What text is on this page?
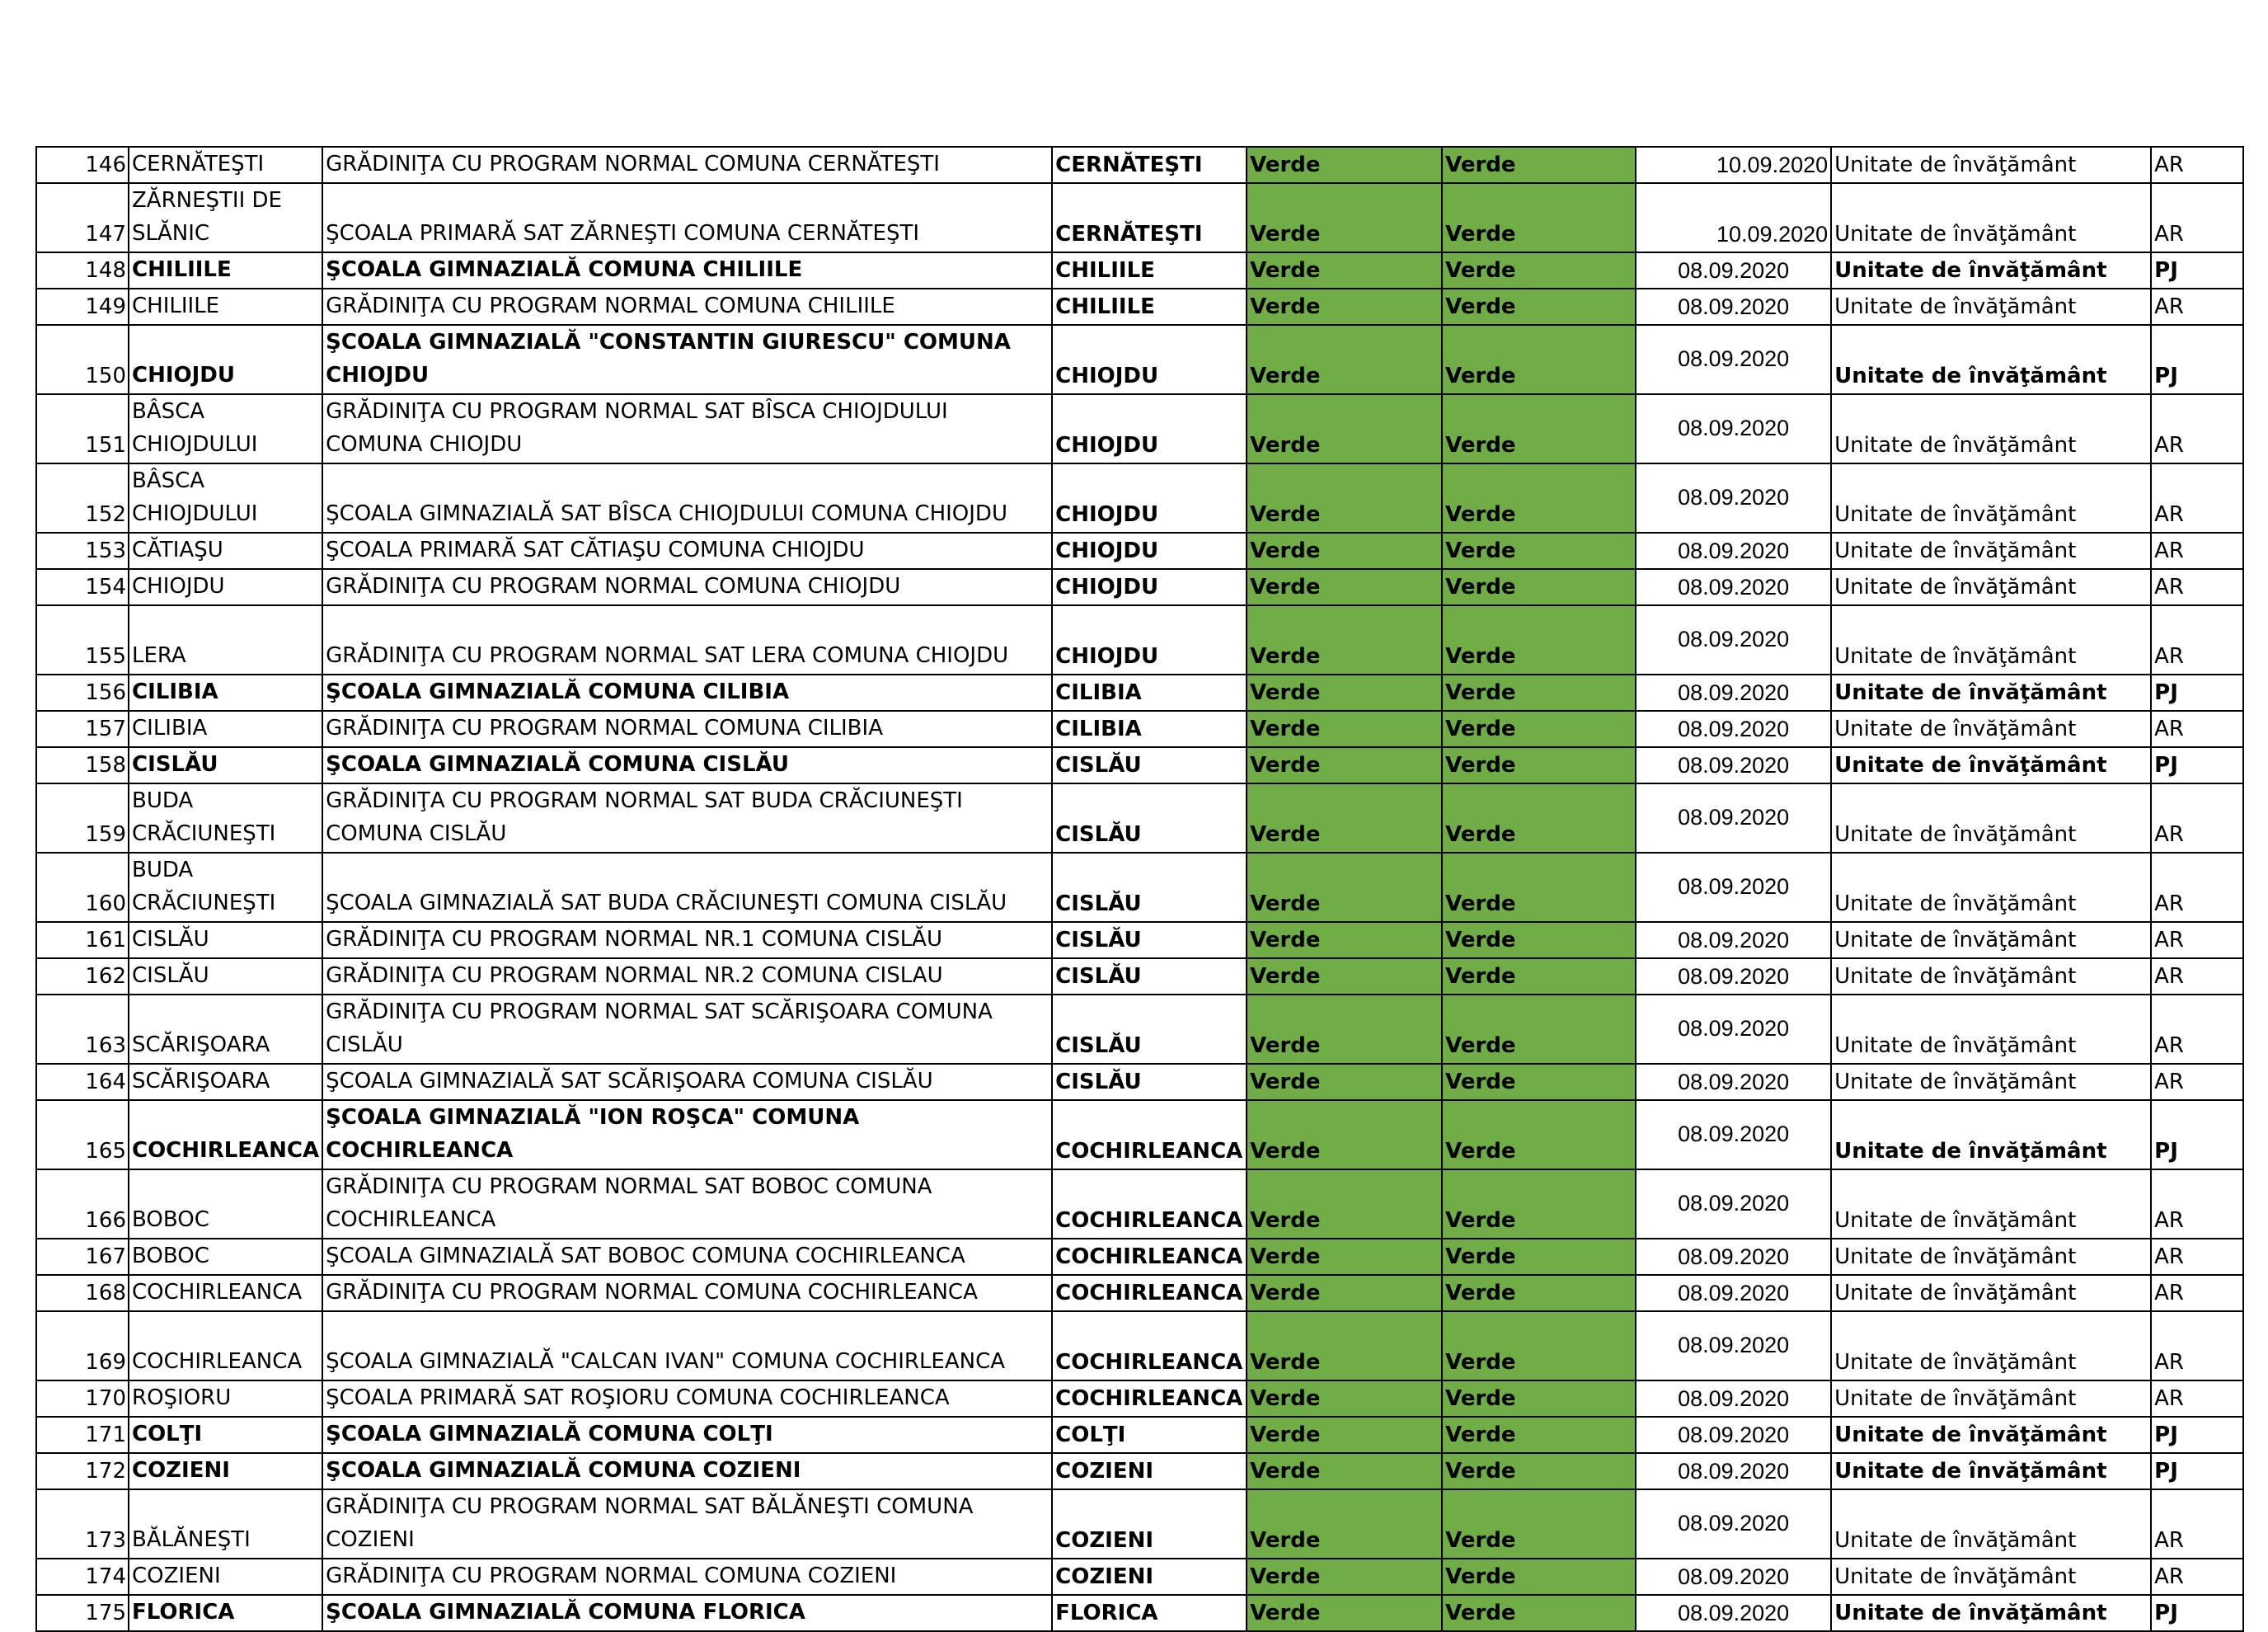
146	CERNĂTEŞTI	GRĂDINIŢA CU PROGRAM NORMAL COMUNA CERNĂTEŞTI	CERNĂTEŞTI	Verde	Verde	10.09.2020	Unitate de învăţământ	AR
147	ZĂRNEŞTII DE SLĂNIC	ŞCOALA PRIMARĂ SAT ZĂRNEŞTI COMUNA CERNĂTEŞTI	CERNĂTEŞTI	Verde	Verde	10.09.2020	Unitate de învăţământ	AR
148	CHILIILE	ŞCOALA GIMNAZIALĂ COMUNA CHILIILE	CHILIILE	Verde	Verde	08.09.2020	Unitate de învăţământ	PJ
149	CHILIILE	GRĂDINIŢA CU PROGRAM NORMAL COMUNA CHILIILE	CHILIILE	Verde	Verde	08.09.2020	Unitate de învăţământ	AR
150	CHIOJDU	ŞCOALA GIMNAZIALĂ "CONSTANTIN GIURESCU" COMUNA CHIOJDU	CHIOJDU	Verde	Verde	08.09.2020	Unitate de învăţământ	PJ
151	BÂSCA CHIOJDULUI	GRĂDINIŢA CU PROGRAM NORMAL SAT BÎSCA CHIOJDULUI COMUNA CHIOJDU	CHIOJDU	Verde	Verde	08.09.2020	Unitate de învăţământ	AR
152	BÂSCA CHIOJDULUI	ŞCOALA GIMNAZIALĂ SAT BÎSCA CHIOJDULUI COMUNA CHIOJDU	CHIOJDU	Verde	Verde	08.09.2020	Unitate de învăţământ	AR
153	CĂTIAŞU	ŞCOALA PRIMARĂ SAT CĂTIAŞU COMUNA CHIOJDU	CHIOJDU	Verde	Verde	08.09.2020	Unitate de învăţământ	AR
154	CHIOJDU	GRĂDINIŢA CU PROGRAM NORMAL COMUNA CHIOJDU	CHIOJDU	Verde	Verde	08.09.2020	Unitate de învăţământ	AR
155	LERA	GRĂDINIŢA CU PROGRAM NORMAL SAT LERA COMUNA CHIOJDU	CHIOJDU	Verde	Verde	08.09.2020	Unitate de învăţământ	AR
156	CILIBIA	ŞCOALA GIMNAZIALĂ COMUNA CILIBIA	CILIBIA	Verde	Verde	08.09.2020	Unitate de învăţământ	PJ
157	CILIBIA	GRĂDINIŢA CU PROGRAM NORMAL COMUNA CILIBIA	CILIBIA	Verde	Verde	08.09.2020	Unitate de învăţământ	AR
158	CISLĂU	ŞCOALA GIMNAZIALĂ COMUNA CISLĂU	CISLĂU	Verde	Verde	08.09.2020	Unitate de învăţământ	PJ
159	BUDA CRĂCIUNEŞTI	GRĂDINIŢA CU PROGRAM NORMAL SAT BUDA CRĂCIUNEŞTI COMUNA CISLĂU	CISLĂU	Verde	Verde	08.09.2020	Unitate de învăţământ	AR
160	BUDA CRĂCIUNEŞTI	ŞCOALA GIMNAZIALĂ SAT BUDA CRĂCIUNEŞTI COMUNA CISLĂU	CISLĂU	Verde	Verde	08.09.2020	Unitate de învăţământ	AR
161	CISLĂU	GRĂDINIŢA CU PROGRAM NORMAL NR.1 COMUNA CISLĂU	CISLĂU	Verde	Verde	08.09.2020	Unitate de învăţământ	AR
162	CISLĂU	GRĂDINIŢA CU PROGRAM NORMAL NR.2 COMUNA CISLAU	CISLĂU	Verde	Verde	08.09.2020	Unitate de învăţământ	AR
163	SCĂRIŞOARA	GRĂDINIŢA CU PROGRAM NORMAL SAT SCĂRIŞOARA COMUNA CISLĂU	CISLĂU	Verde	Verde	08.09.2020	Unitate de învăţământ	AR
164	SCĂRIŞOARA	ŞCOALA GIMNAZIALĂ SAT SCĂRIŞOARA COMUNA CISLĂU	CISLĂU	Verde	Verde	08.09.2020	Unitate de învăţământ	AR
165	COCHIRLEANCA	ŞCOALA GIMNAZIALĂ "ION ROŞCA" COMUNA COCHIRLEANCA	COCHIRLEANCA	Verde	Verde	08.09.2020	Unitate de învăţământ	PJ
166	BOBOC	GRĂDINIŢA CU PROGRAM NORMAL SAT BOBOC COMUNA COCHIRLEANCA	COCHIRLEANCA	Verde	Verde	08.09.2020	Unitate de învăţământ	AR
167	BOBOC	ŞCOALA GIMNAZIALĂ SAT BOBOC COMUNA COCHIRLEANCA	COCHIRLEANCA	Verde	Verde	08.09.2020	Unitate de învăţământ	AR
168	COCHIRLEANCA	GRĂDINIŢA CU PROGRAM NORMAL COMUNA COCHIRLEANCA	COCHIRLEANCA	Verde	Verde	08.09.2020	Unitate de învăţământ	AR
169	COCHIRLEANCA	ŞCOALA GIMNAZIALĂ "CALCAN IVAN" COMUNA COCHIRLEANCA	COCHIRLEANCA	Verde	Verde	08.09.2020	Unitate de învăţământ	AR
170	ROŞIORU	ŞCOALA PRIMARĂ SAT ROŞIORU COMUNA COCHIRLEANCA	COCHIRLEANCA	Verde	Verde	08.09.2020	Unitate de învăţământ	AR
171	COLŢI	ŞCOALA GIMNAZIALĂ COMUNA COLŢI	COLŢI	Verde	Verde	08.09.2020	Unitate de învăţământ	PJ
172	COZIENI	ŞCOALA GIMNAZIALĂ COMUNA COZIENI	COZIENI	Verde	Verde	08.09.2020	Unitate de învăţământ	PJ
173	BĂLĂNEŞTI	GRĂDINIŢA CU PROGRAM NORMAL SAT BĂLĂNEŞTI COMUNA COZIENI	COZIENI	Verde	Verde	08.09.2020	Unitate de învăţământ	AR
174	COZIENI	GRĂDINIŢA CU PROGRAM NORMAL COMUNA COZIENI	COZIENI	Verde	Verde	08.09.2020	Unitate de învăţământ	AR
175	FLORICA	ŞCOALA GIMNAZIALĂ COMUNA FLORICA	FLORICA	Verde	Verde	08.09.2020	Unitate de învăţământ	PJ
